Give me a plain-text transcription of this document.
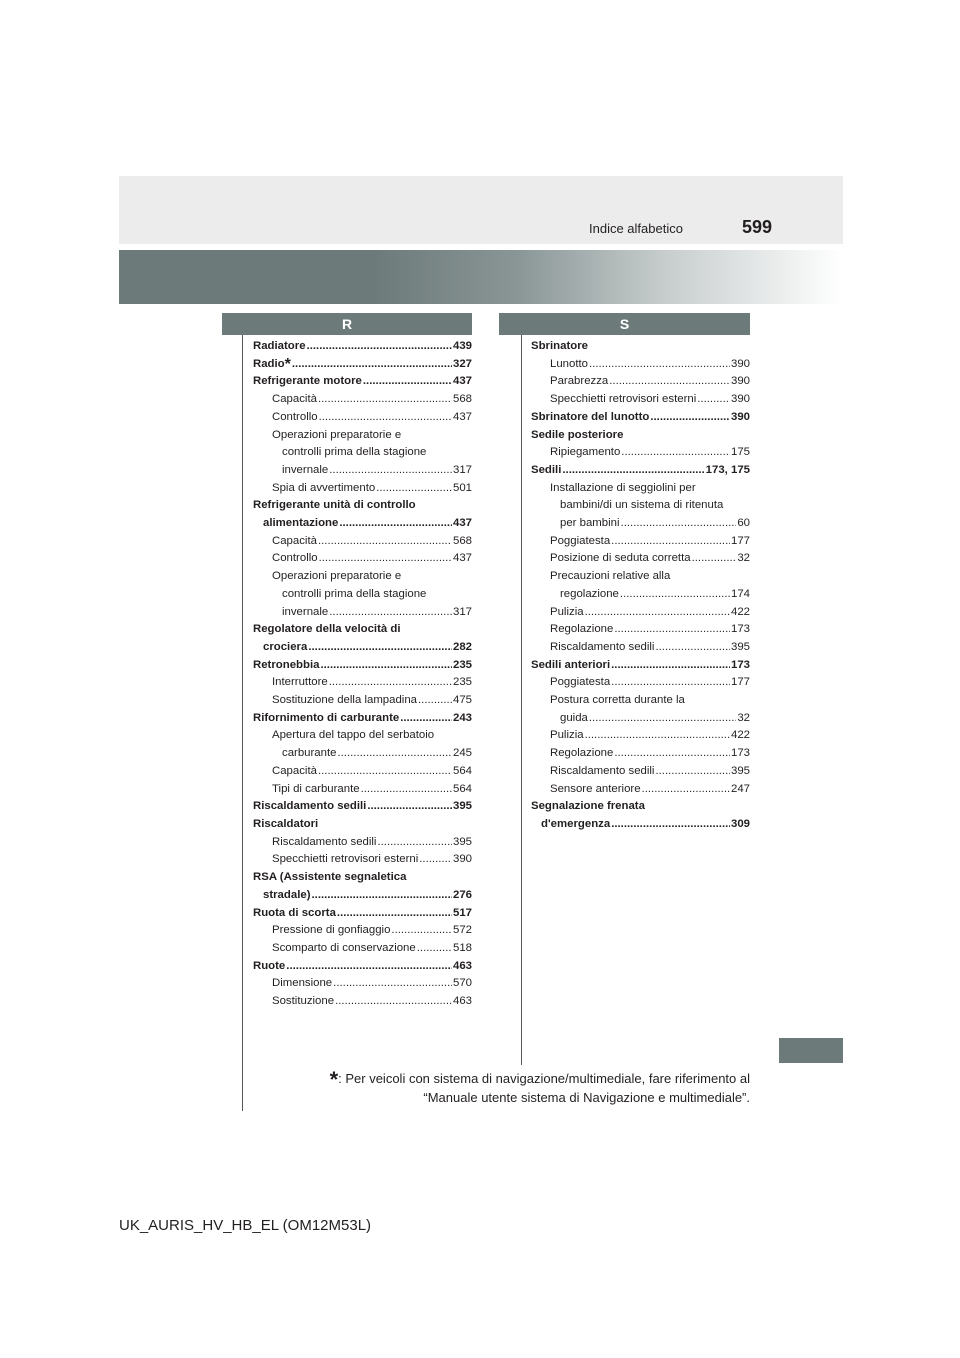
Indice alfabetico	599
R	S
Radiatore .....	439
Radio* .....	327
Refrigerante motore .....	437
Capacità .....	568
Controllo .....	437
Operazioni preparatorie e
controlli prima della stagione
invernale .....	317
Spia di avvertimento .....	501
Refrigerante unità di controllo
alimentazione .....	437
Capacità .....	568
Controllo .....	437
Operazioni preparatorie e
controlli prima della stagione
invernale .....	317
Regolatore della velocità di
crociera .....	282
Retronebbia .....	235
Interruttore .....	235
Sostituzione della lampadina .....	475
Rifornimento di carburante .....	243
Apertura del tappo del serbatoio
carburante .....	245
Capacità .....	564
Tipi di carburante .....	564
Riscaldamento sedili .....	395
Riscaldatori
Riscaldamento sedili .....	395
Specchietti retrovisori esterni .....	390
RSA (Assistente segnaletica
stradale) .....	276
Ruota di scorta .....	517
Pressione di gonfiaggio .....	572
Scomparto di conservazione .....	518
Ruote .....	463
Dimensione .....	570
Sostituzione .....	463
Sbrinatore
Lunotto .....	390
Parabrezza .....	390
Specchietti retrovisori esterni .....	390
Sbrinatore del lunotto .....	390
Sedile posteriore
Ripiegamento .....	175
Sedili .....	173, 175
Installazione di seggiolini per
bambini/di un sistema di ritenuta
per bambini .....	60
Poggiatesta .....	177
Posizione di seduta corretta .....	32
Precauzioni relative alla
regolazione .....	174
Pulizia .....	422
Regolazione .....	173
Riscaldamento sedili .....	395
Sedili anteriori .....	173
Poggiatesta .....	177
Postura corretta durante la
guida .....	32
Pulizia .....	422
Regolazione .....	173
Riscaldamento sedili .....	395
Sensore anteriore .....	247
Segnalazione frenata
d'emergenza .....	309
*: Per veicoli con sistema di navigazione/multimediale, fare riferimento al
“Manuale utente sistema di Navigazione e multimediale”.
UK_AURIS_HV_HB_EL (OM12M53L)
